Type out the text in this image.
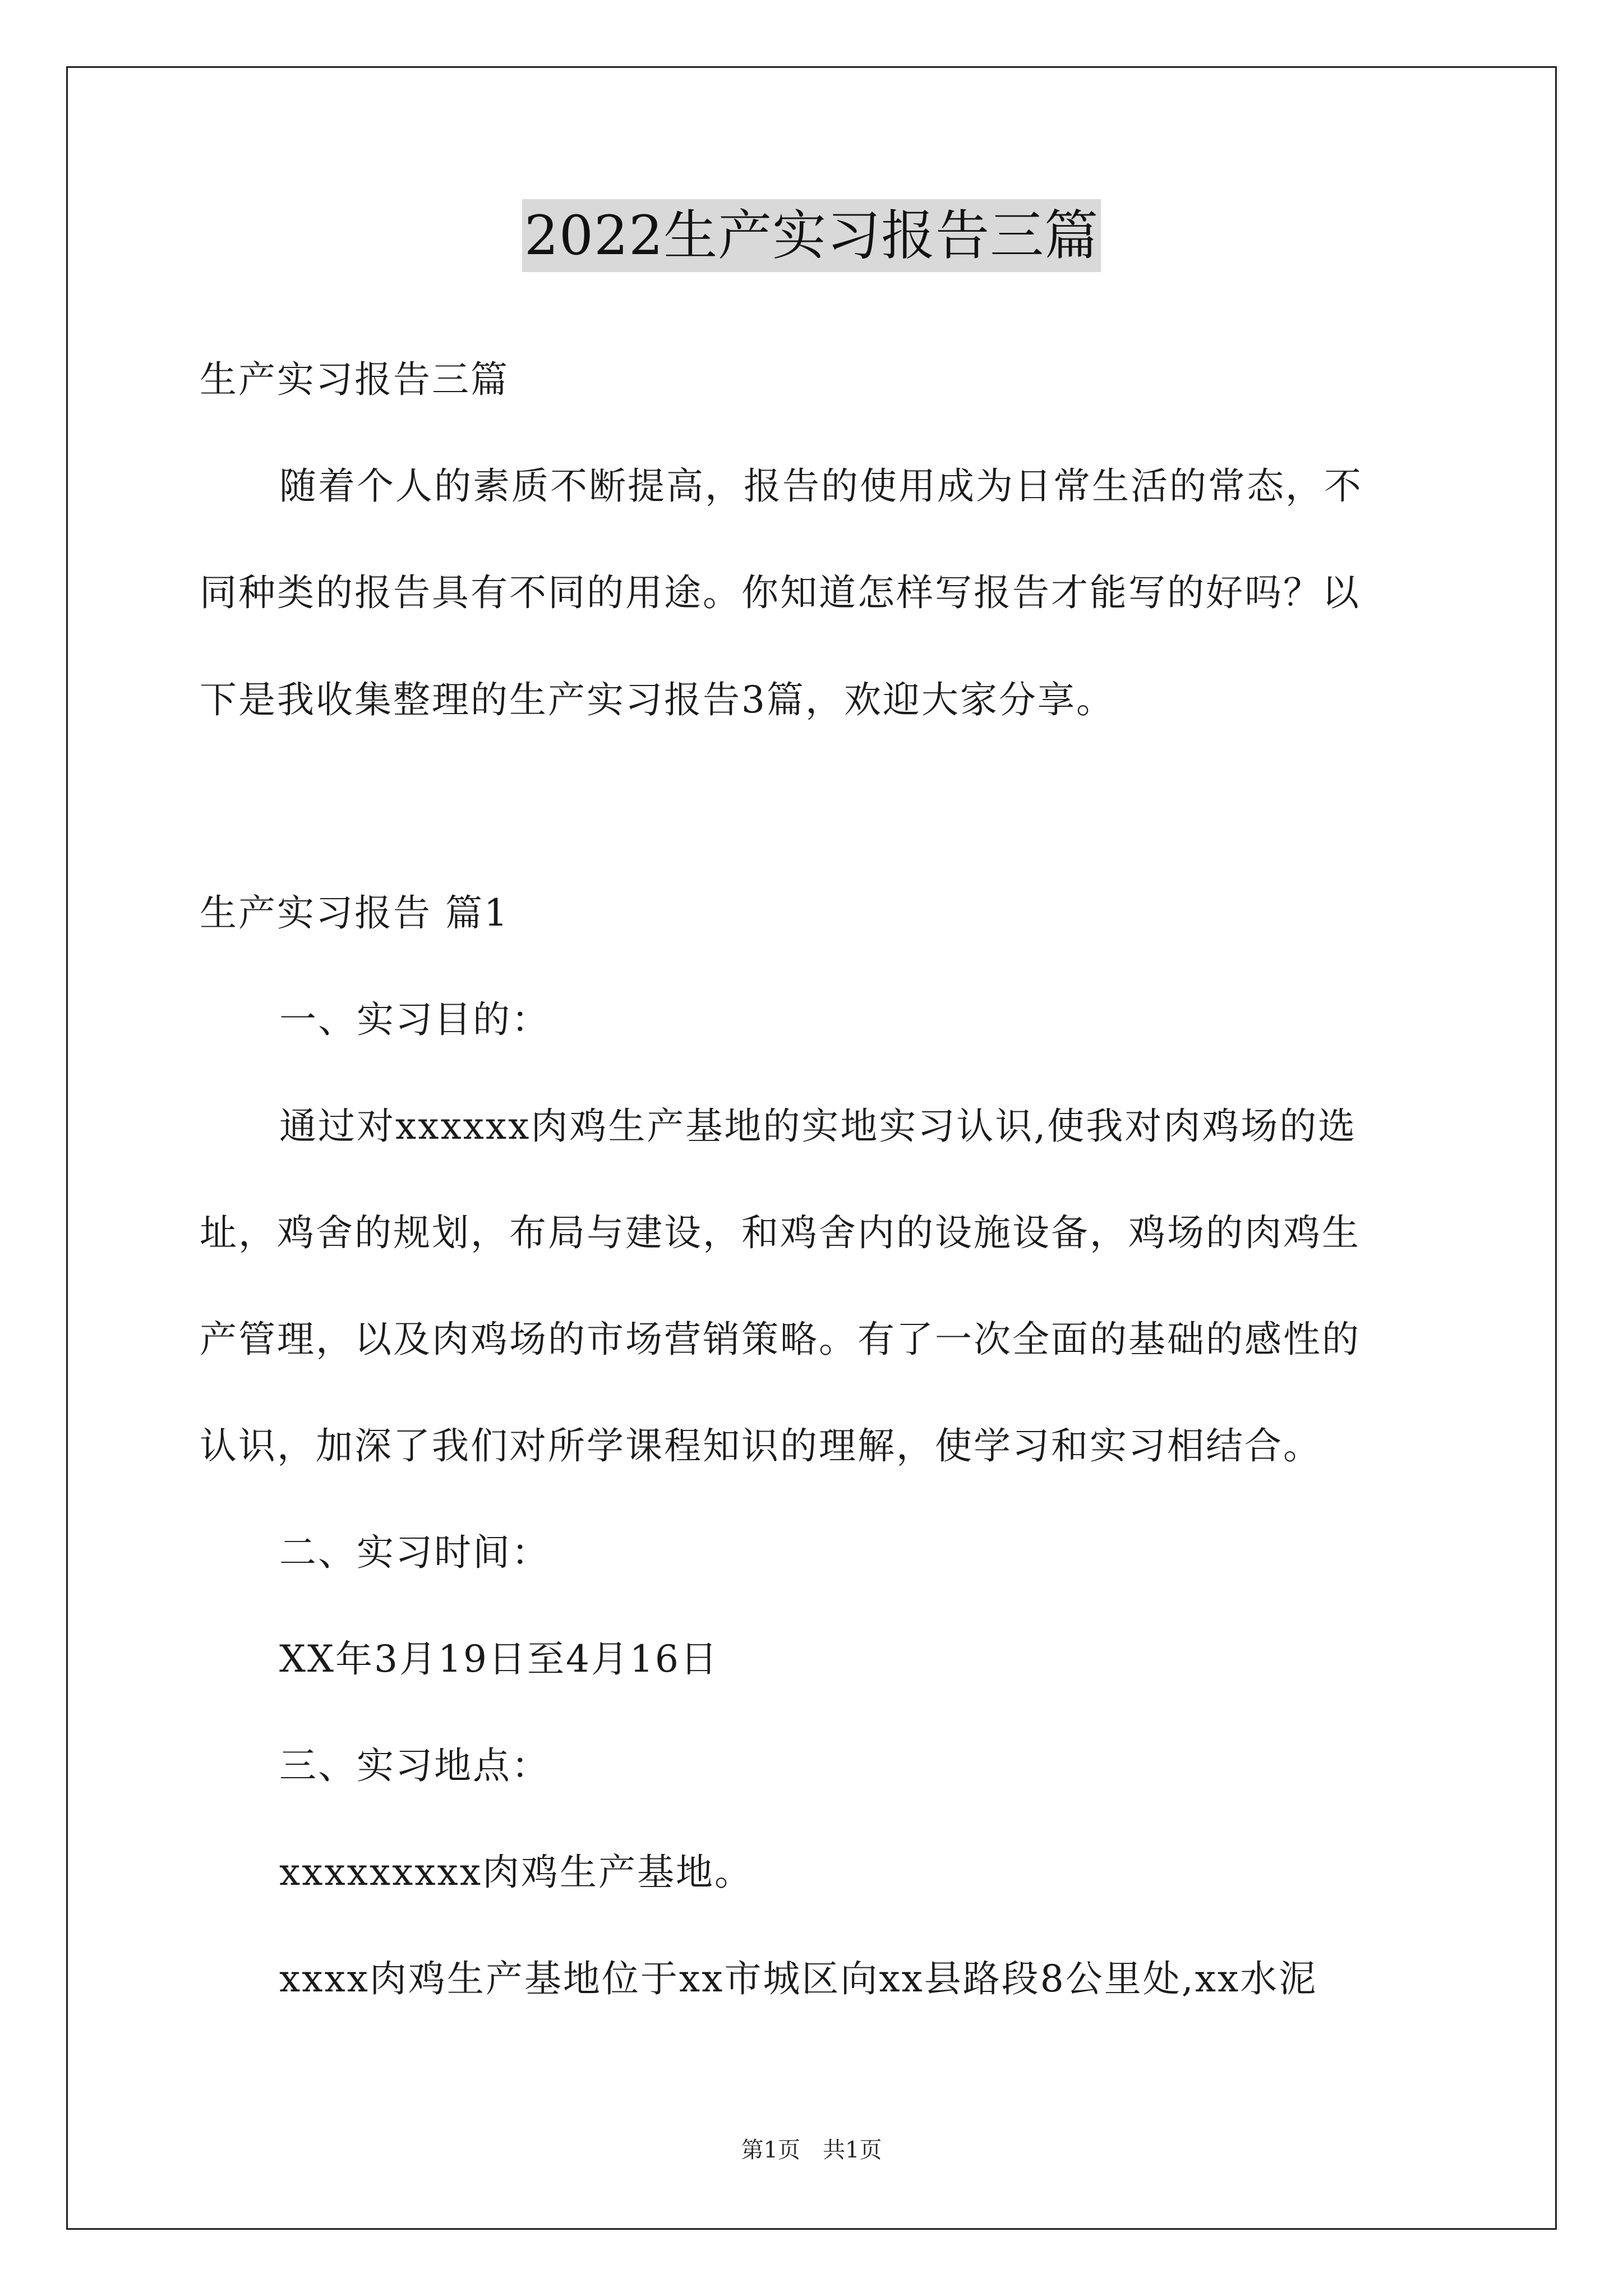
2022生产实习报告三篇
生产实习报告三篇
随着个人的素质不断提高，报告的使用成为日常生活的常态，不
同种类的报告具有不同的用途。你知道怎样写报告才能写的好吗？以
下是我收集整理的生产实习报告3篇，欢迎大家分享。
生产实习报告 篇1
一、实习目的：
通过对xxxxxx肉鸡生产基地的实地实习认识,使我对肉鸡场的选
址，鸡舍的规划，布局与建设，和鸡舍内的设施设备，鸡场的肉鸡生
产管理，以及肉鸡场的市场营销策略。有了一次全面的基础的感性的
认识，加深了我们对所学课程知识的理解，使学习和实习相结合。
二、实习时间：
XX年3月19日至4月16日
三、实习地点：
xxxxxxxxx肉鸡生产基地。
xxxx肉鸡生产基地位于xx市城区向xx县路段8公里处,xx水泥
第1页　共1页
